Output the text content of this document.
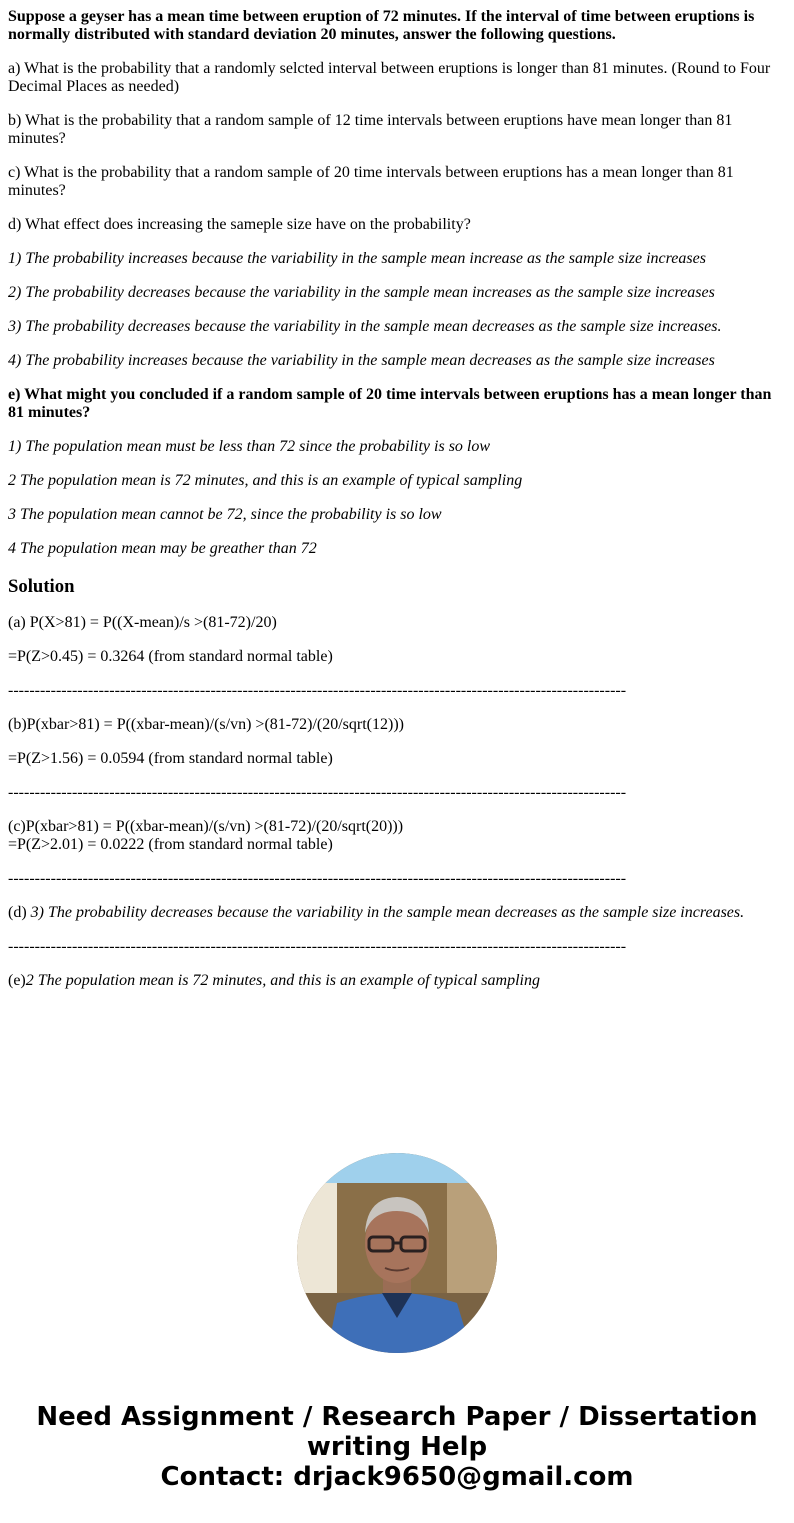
Suppose a geyser has a mean time between eruption of 72 minutes. If the interval of time between eruptions is normally distributed with standard deviation 20 minutes, answer the following questions.

a) What is the probability that a randomly selcted interval between eruptions is longer than 81 minutes. (Round to Four Decimal Places as needed)

b) What is the probability that a random sample of 12 time intervals between eruptions have mean longer than 81 minutes?

c) What is the probability that a random sample of 20 time intervals between eruptions has a mean longer than 81 minutes?

d) What effect does increasing the sameple size have on the probability?

1) The probability increases because the variability in the sample mean increase as the sample size increases

2) The probability decreases because the variability in the sample mean increases as the sample size increases

3) The probability decreases because the variability in the sample mean decreases as the sample size increases.

4) The probability increases because the variability in the sample mean decreases as the sample size increases

e) What might you concluded if a random sample of 20 time intervals between eruptions has a mean longer than 81 minutes?

1) The population mean must be less than 72 since the probability is so low

2 The population mean is 72 minutes, and this is an example of typical sampling

3 The population mean cannot be 72, since the probability is so low

4 The population mean may be greather than 72

Solution

(a) P(X>81) = P((X-mean)/s >(81-72)/20)

=P(Z>0.45) = 0.3264 (from standard normal table)

--------------------------------------------------------------------------------------------------------------------

(b)P(xbar>81) = P((xbar-mean)/(s/vn) >(81-72)/(20/sqrt(12)))

=P(Z>1.56) = 0.0594 (from standard normal table)

--------------------------------------------------------------------------------------------------------------------

(c)P(xbar>81) = P((xbar-mean)/(s/vn) >(81-72)/(20/sqrt(20)))
=P(Z>2.01) = 0.0222 (from standard normal table)

--------------------------------------------------------------------------------------------------------------------

(d) 3) The probability decreases because the variability in the sample mean decreases as the sample size increases.

--------------------------------------------------------------------------------------------------------------------

(e)2 The population mean is 72 minutes, and this is an example of typical sampling

Need Assignment / Research Paper / Dissertation
writing Help
Contact: drjack9650@gmail.com
